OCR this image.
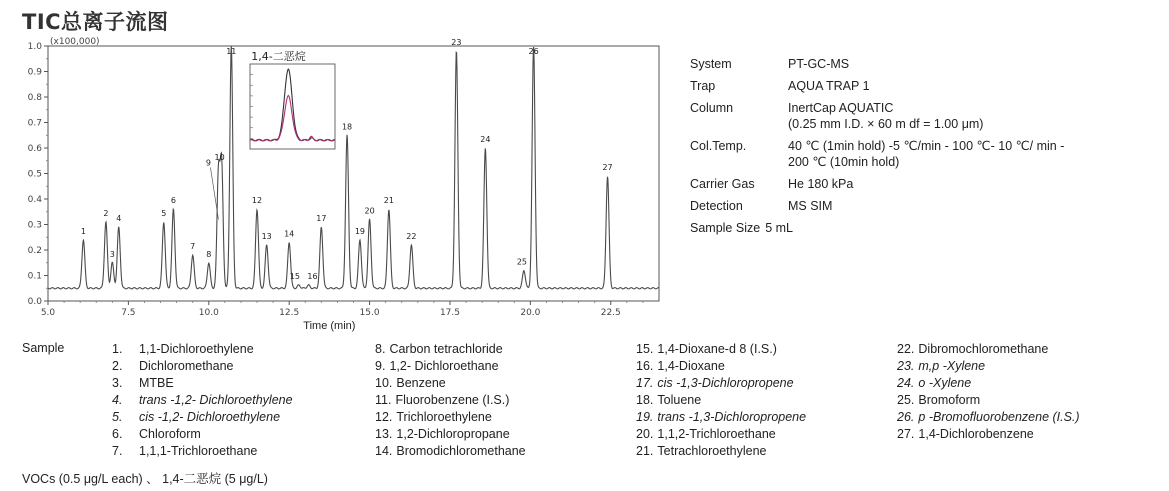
TIC总离子流图
1.0
0.9
0.8
0.7
0.6
0.5
0.4
0.3
0.2
0.1
0.0
(x100,000)
5.0	7.5	10.0	12.5	15.0	17.5	20.0	22.5
Time (min)
1
2
3
4
5
6
7
8
9
10
11
12
13 14
15 16
17
18
19
20
21
22
23
24
25
26
27
1,4-二恶烷
System	PT-GC-MS
Trap	AQUA TRAP 1
Column	InertCap AQUATIC
(0.25 mm I.D. × 60 m df = 1.00 μm)
Col.Temp.	40 ℃ (1min hold) -5 ℃/min - 100 ℃- 10 ℃/ min -
200 ℃ (10min hold)
Carrier Gas	He 180 kPa
Detection	MS SIM
Sample Size 5 mL
Sample	1. 1,1-Dichloroethylene
2. Dichloromethane
3. MTBE
4. trans -1,2- Dichloroethylene
5. cis -1,2- Dichloroethylene
6. Chloroform
7. 1,1,1-Trichloroethane
8. Carbon tetrachloride
9. 1,2- Dichloroethane
10. Benzene
11. Fluorobenzene (I.S.)
12. Trichloroethylene
13. 1,2-Dichloropropane
14. Bromodichloromethane
15. 1,4-Dioxane-d 8 (I.S.)
16. 1,4-Dioxane
17. cis -1,3-Dichloropropene
18. Toluene
19. trans -1,3-Dichloropropene
20. 1,1,2-Trichloroethane
21. Tetrachloroethylene
22. Dibromochloromethane
23. m,p -Xylene
24. o -Xylene
25. Bromoform
26. p -Bromofluorobenzene (I.S.)
27. 1,4-Dichlorobenzene
VOCs (0.5 μg/L each) 、 1,4-二恶烷 (5 μg/L)
